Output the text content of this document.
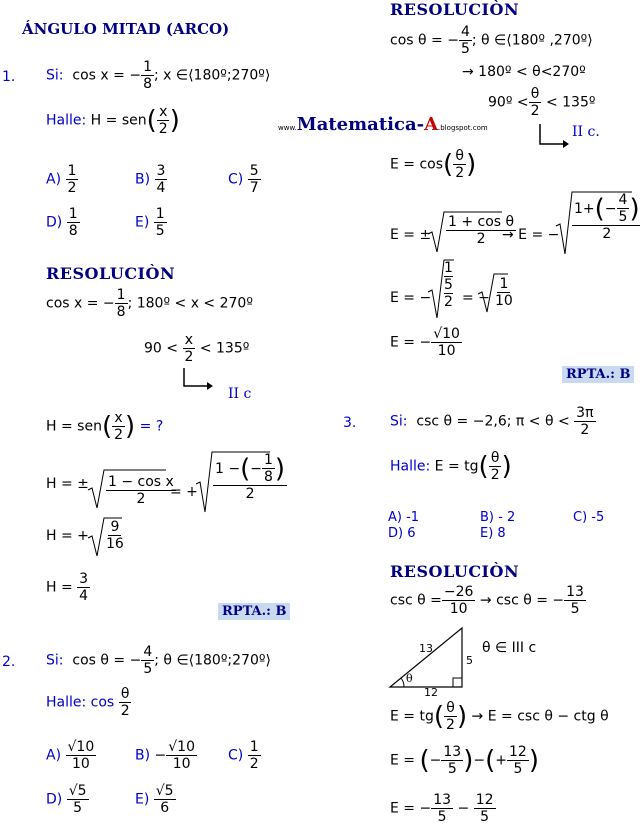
ÁNGULO MITAD (ARCO)
www.Matematica-A.blogspot.com
1. Si: cos x = − $\frac{1}{8}$ ; x ∈⟨180º;270º⟩
Halle: $H = sen( \frac{x}{2}$ )
$A) \frac{1}{2}$	$B) \frac{3}{4}$	$C) \frac{5}{7}$
$D) \frac{1}{8}$	$E) \frac{1}{5}$
RESOLUCIÒN
cos x = − $\frac{1}{8}$ ; 180º < x < 270º
$90 < \frac{x}{2}$ < 135º
II c
$H = sen( \frac{x}{2}$ ) = ?
H = ± $\frac{\text{1 − cos x}}{2}$
= +
1 − ( − $\frac{1}{8}$ )
2
H = + $\frac{9}{16}$
$H = \frac{3}{4}$
RPTA.: B
2. Si: cos θ = − $\frac{4}{5}$ ; θ ∈⟨180º;270º⟩
Halle: $\cos \frac{\theta}{2}$
$A) \frac{√10}{10}$	$B) - \frac{√10}{10} C) \frac{1}{2}$
$D) \frac{√5}{5}$	$E) \frac{√5}{6}$
RESOLUCIÒN
cos θ = − $\frac{4}{5}$ ; θ ∈⟨180º ,270º⟩
→ 180º < θ<270º
90º < $\frac{\theta}{2}$ < 135º
II c.
$E = \cos( \frac{\theta}{2}$ )
E = ± $\frac{\text{1 + cos θ}}{2}$
→ E = −
1+ ( − $\frac{4}{5}$ )
2
E = −
1
5
2 = − $\frac{1}{10}$
E = − $\frac{√10}{10}$
RPTA.: B
3. Si: csc θ = −2,6; $\pi < \theta < \frac{3\pi}{2}$
Halle: $E = tg( \frac{\theta}{2}$ )
A) -1	B) - 2	C) -5
D) 6	E) 8
RESOLUCIÒN
$\csc \theta = \frac{-26}{10} \to \csc \theta$ = − $\frac{13}{5}$
13
5
12
θ
θ ∈ III c
$E = tg( \frac{\theta}{2}$ ) → E = csc θ − ctg θ
E = (− $\frac{13}{5}$ )−(+ $\frac{12}{5}$ )
E = − $\frac{13}{5} - \frac{12}{5}$
